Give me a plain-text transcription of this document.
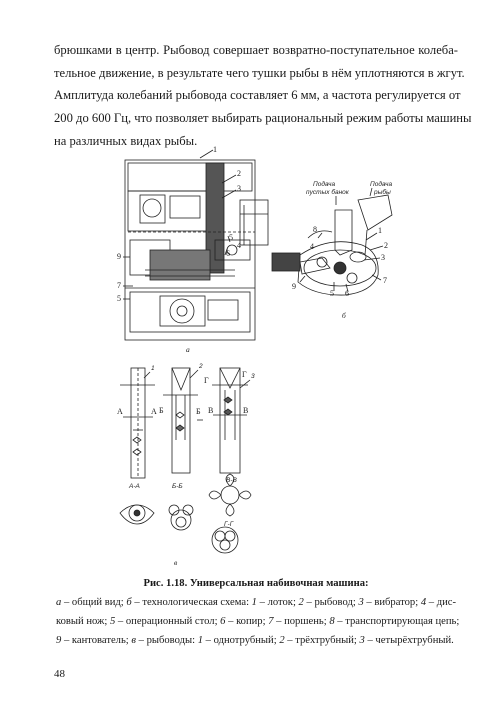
брюшками в центр. Рыбовод совершает возвратно-поступательное колеба-
тельное движение, в результате чего тушки рыбы в нём уплотняются в жгут.
Амплитуда колебаний рыбовода составляет 6 мм, а частота регулируется от
200 до 600 Гц, что позволяет выбирать рациональный режим работы машины
на различных видах рыбы.

1
2
3
5
4
6
9
7
5
а
Подача
пустых банок
Подача
рыбы
8	1
2
3
4
7
5 6
9
б
1	2
3
А	А Б	Б В	В
Г
Г
А-А	Б-Б
В-В
Г-Г
в
Рис. 1.18. Универсальная набивочная машина:
а – общий вид; б – технологическая схема: 1 – лоток; 2 – рыбовод; 3 – вибратор; 4 – дис-
ковый нож; 5 – операционный стол; 6 – копир; 7 – поршень; 8 – транспортирующая цепь;
9 – кантователь; в – рыбоводы: 1 – однотрубный; 2 – трёхтрубный; 3 – четырёхтрубный.
48
